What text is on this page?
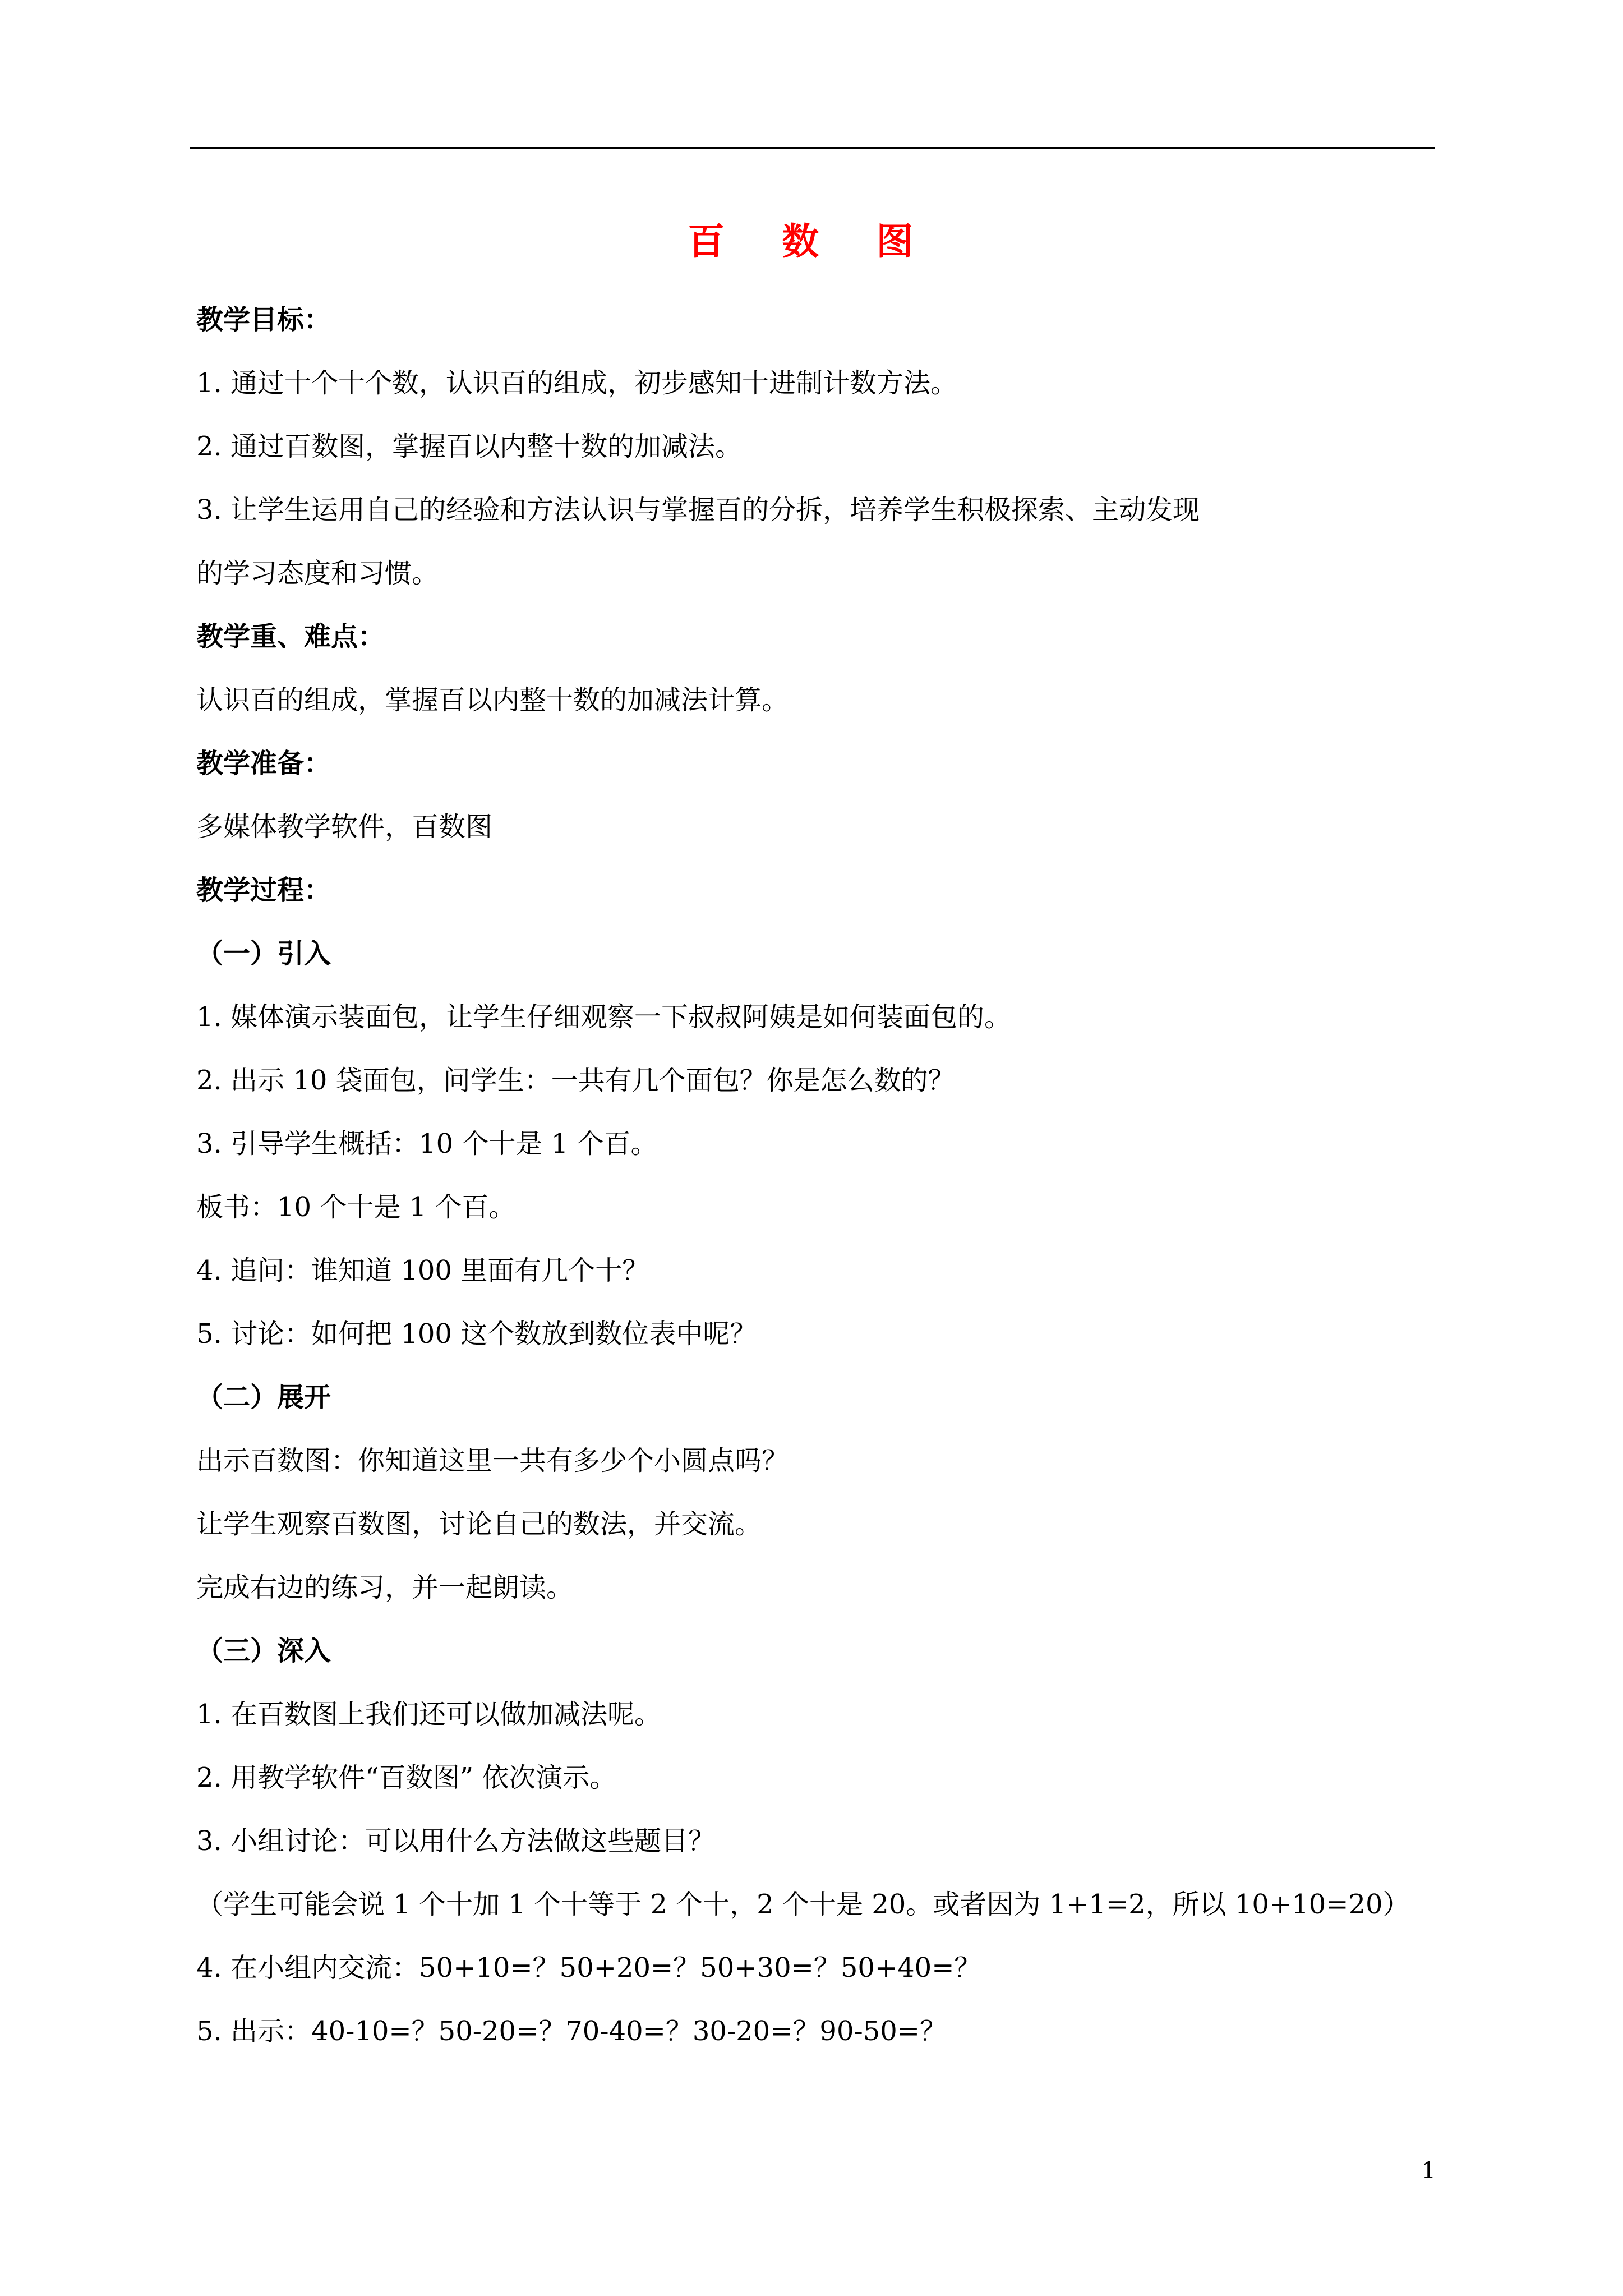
百 数 图
教学目标：
1. 通过十个十个数，认识百的组成，初步感知十进制计数方法。
2. 通过百数图，掌握百以内整十数的加减法。
3. 让学生运用自己的经验和方法认识与掌握百的分拆，培养学生积极探索、主动发现
的学习态度和习惯。
教学重、难点：
认识百的组成，掌握百以内整十数的加减法计算。
教学准备：
多媒体教学软件，百数图
教学过程：
（一）引入
1. 媒体演示装面包，让学生仔细观察一下叔叔阿姨是如何装面包的。
2. 出示 10 袋面包，问学生：一共有几个面包？你是怎么数的？
3. 引导学生概括：10 个十是 1 个百。
板书：10 个十是 1 个百。
4. 追问：谁知道 100 里面有几个十？
5. 讨论：如何把 100 这个数放到数位表中呢？
（二）展开
出示百数图：你知道这里一共有多少个小圆点吗？
让学生观察百数图，讨论自己的数法，并交流。
完成右边的练习，并一起朗读。
（三）深入
1. 在百数图上我们还可以做加减法呢。
2. 用教学软件“百数图” 依次演示。
3. 小组讨论：可以用什么方法做这些题目？
（学生可能会说 1 个十加 1 个十等于 2 个十，2 个十是 20。或者因为 1+1=2，所以 10+10=20）
4. 在小组内交流：50+10=？50+20=？50+30=？50+40=？
5. 出示：40-10=？50-20=？70-40=？30-20=？90-50=？
1
